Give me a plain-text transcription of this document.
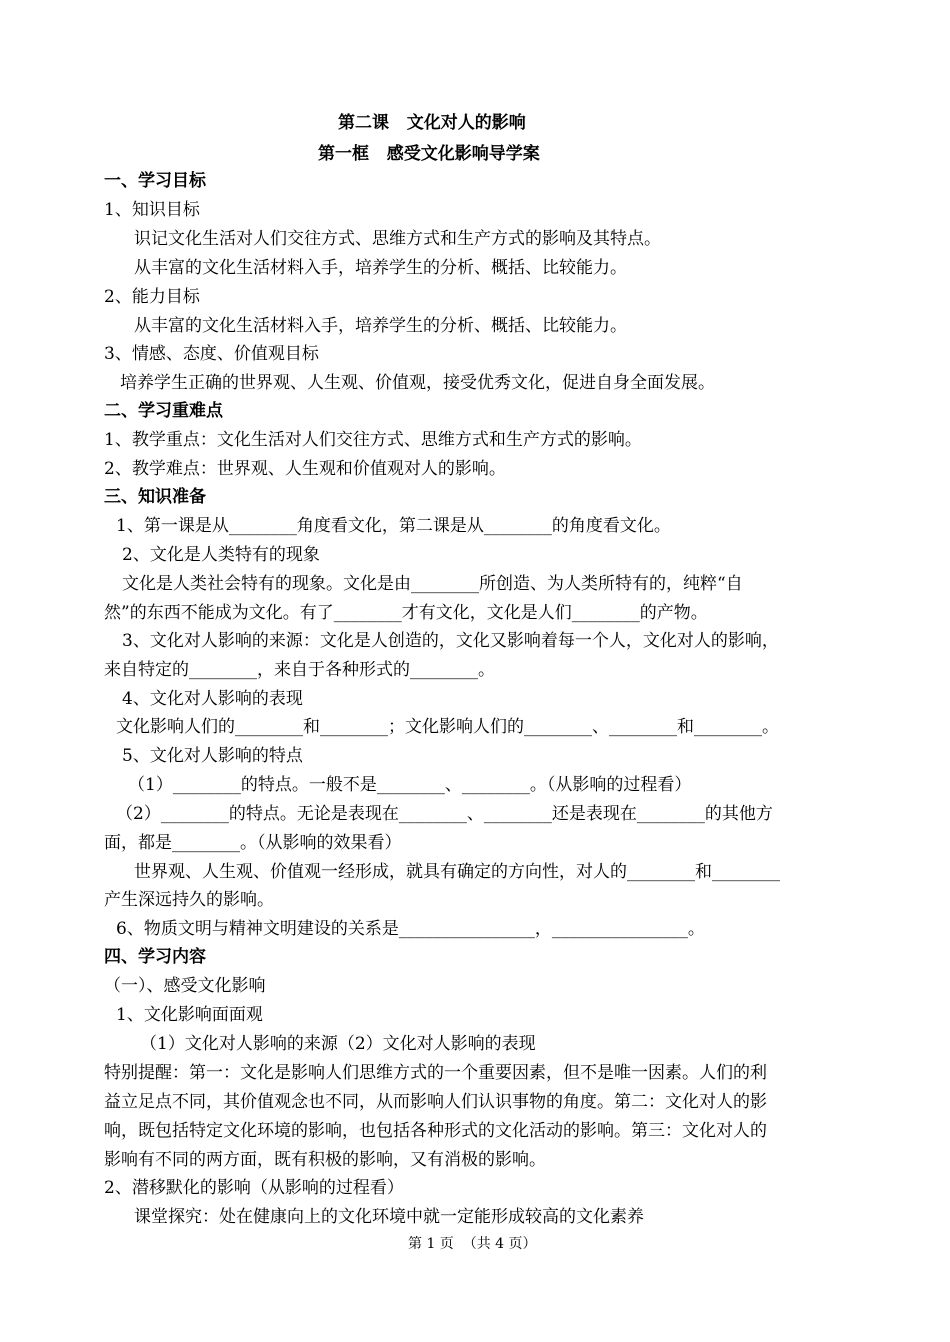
第二课   文化对人的影响
第一框   感受文化影响导学案
一、学习目标
1、知识目标
识记文化生活对人们交往方式、思维方式和生产方式的影响及其特点。
从丰富的文化生活材料入手，培养学生的分析、概括、比较能力。
2、能力目标
从丰富的文化生活材料入手，培养学生的分析、概括、比较能力。
3、情感、态度、价值观目标
培养学生正确的世界观、人生观、价值观，接受优秀文化，促进自身全面发展。
二、学习重难点
1、教学重点：文化生活对人们交往方式、思维方式和生产方式的影响。
2、教学难点：世界观、人生观和价值观对人的影响。
三、知识准备
1、第一课是从________角度看文化，第二课是从________的角度看文化。
2、文化是人类特有的现象
文化是人类社会特有的现象。文化是由________所创造、为人类所特有的，纯粹“自
然”的东西不能成为文化。有了________才有文化，文化是人们________的产物。
3、文化对人影响的来源：文化是人创造的，文化又影响着每一个人，文化对人的影响，
来自特定的________，来自于各种形式的________。
4、文化对人影响的表现
文化影响人们的________和________；文化影响人们的________、________和________。
5、文化对人影响的特点
（1）________的特点。一般不是________、________。（从影响的过程看）
（2）________的特点。无论是表现在________、________还是表现在________的其他方
面，都是________。（从影响的效果看）
世界观、人生观、价值观一经形成，就具有确定的方向性，对人的________和________
产生深远持久的影响。
6、物质文明与精神文明建设的关系是________________，________________。
四、学习内容
（一）、感受文化影响
1、文化影响面面观
（1）文化对人影响的来源（2）文化对人影响的表现
特别提醒：第一：文化是影响人们思维方式的一个重要因素，但不是唯一因素。人们的利
益立足点不同，其价值观念也不同，从而影响人们认识事物的角度。第二：文化对人的影
响，既包括特定文化环境的影响，也包括各种形式的文化活动的影响。第三：文化对人的
影响有不同的两方面，既有积极的影响，又有消极的影响。
2、潜移默化的影响（从影响的过程看）
课堂探究：处在健康向上的文化环境中就一定能形成较高的文化素养
第 1 页  （共 4 页）
